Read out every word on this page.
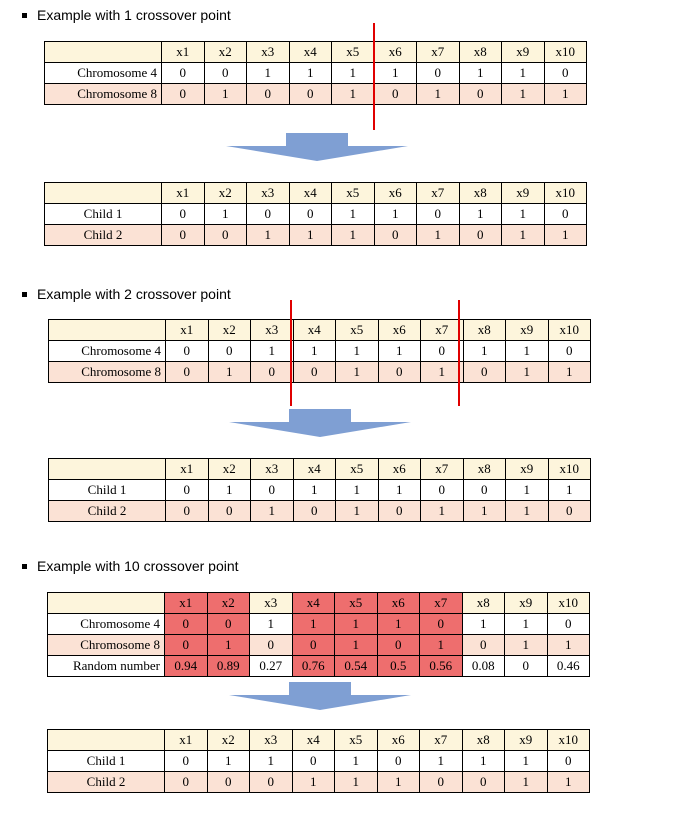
Example with 1 crossover point
	x1	x2	x3	x4	x5	x6	x7	x8	x9	x10
Chromosome 4	0	0	1	1	1	1	0	1	1	0
Chromosome 8	0	1	0	0	1	0	1	0	1	1
	x1	x2	x3	x4	x5	x6	x7	x8	x9	x10
Child 1	0	1	0	0	1	1	0	1	1	0
Child 2	0	0	1	1	1	0	1	0	1	1
Example with 2 crossover point
	x1	x2	x3	x4	x5	x6	x7	x8	x9	x10
Chromosome 4	0	0	1	1	1	1	0	1	1	0
Chromosome 8	0	1	0	0	1	0	1	0	1	1
	x1	x2	x3	x4	x5	x6	x7	x8	x9	x10
Child 1	0	1	0	1	1	1	0	0	1	1
Child 2	0	0	1	0	1	0	1	1	1	0
Example with 10 crossover point
	x1	x2	x3	x4	x5	x6	x7	x8	x9	x10
Chromosome 4	0	0	1	1	1	1	0	1	1	0
Chromosome 8	0	1	0	0	1	0	1	0	1	1
Random number	0.94	0.89	0.27	0.76	0.54	0.5	0.56	0.08	0	0.46
	x1	x2	x3	x4	x5	x6	x7	x8	x9	x10
Child 1	0	1	1	0	1	0	1	1	1	0
Child 2	0	0	0	1	1	1	0	0	1	1
